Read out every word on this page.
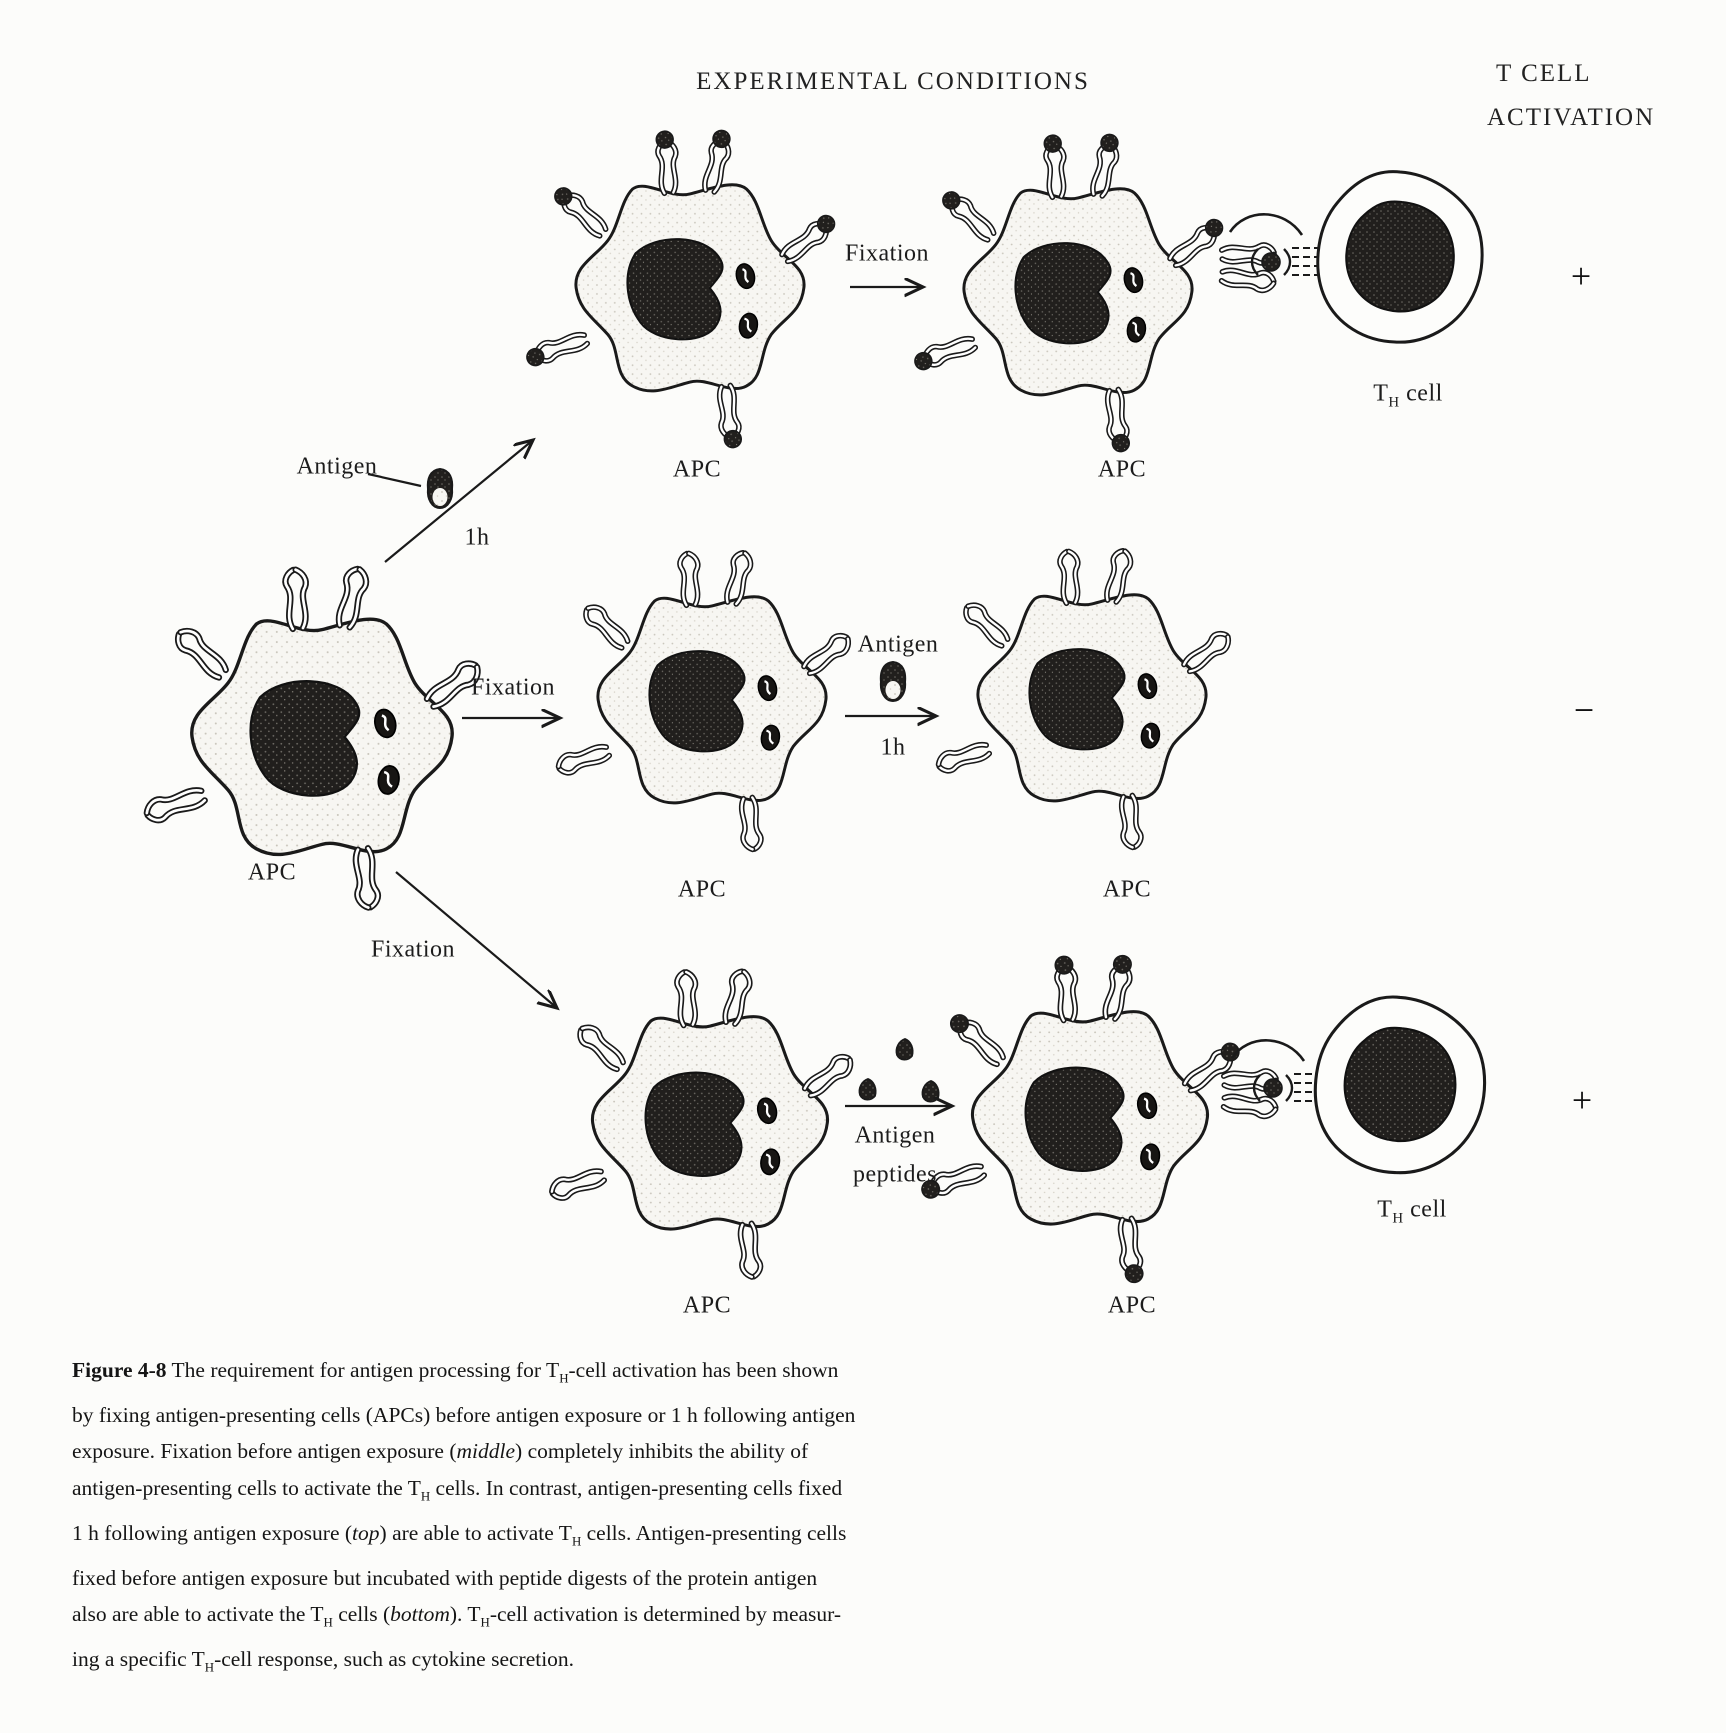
EXPERIMENTAL CONDITIONS	T CELL
ACTIVATION
+
−
+
APC
Antigen
1h
Fixation
APC	APC
$T_H$ cell
Fixation
Antigen
1h
APC	APC
Fixation
Antigen
peptides
APC	APC
$T_H$ cell
Figure 4-8 The requirement for antigen processing for $T_H$-cell activation has been shown
by fixing antigen-presenting cells (APCs) before antigen exposure or 1 h following antigen
exposure. Fixation before antigen exposure (middle) completely inhibits the ability of
antigen-presenting cells to activate the $T_H$ cells. In contrast, antigen-presenting cells fixed
1 h following antigen exposure (top) are able to activate $T_H$ cells. Antigen-presenting cells
fixed before antigen exposure but incubated with peptide digests of the protein antigen
also are able to activate the $T_H$ cells (bottom). $T_H$-cell activation is determined by measur-
ing a specific $T_H$-cell response, such as cytokine secretion.
